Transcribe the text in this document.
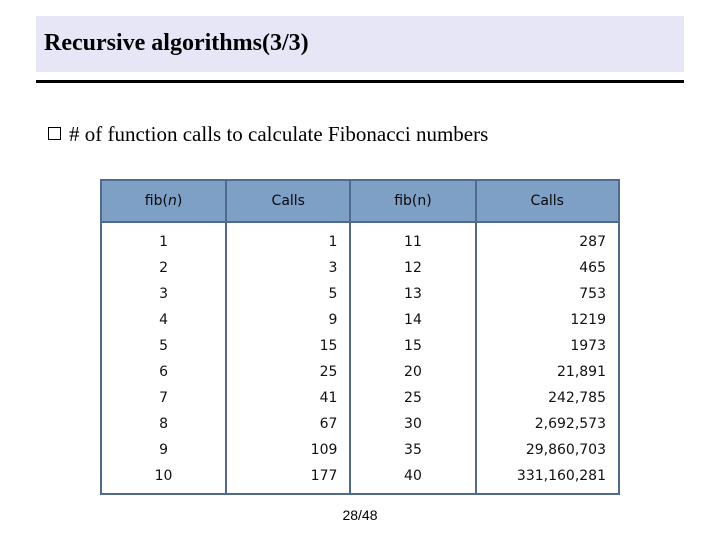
Recursive algorithms(3/3)
# of function calls to calculate Fibonacci numbers
fib(n)	Calls	fib(n)	Calls
1	1	11	287
2	3	12	465
3	5	13	753
4	9	14	1219
5	15	15	1973
6	25	20	21,891
7	41	25	242,785
8	67	30	2,692,573
9	109	35	29,860,703
10	177	40	331,160,281
28/48
